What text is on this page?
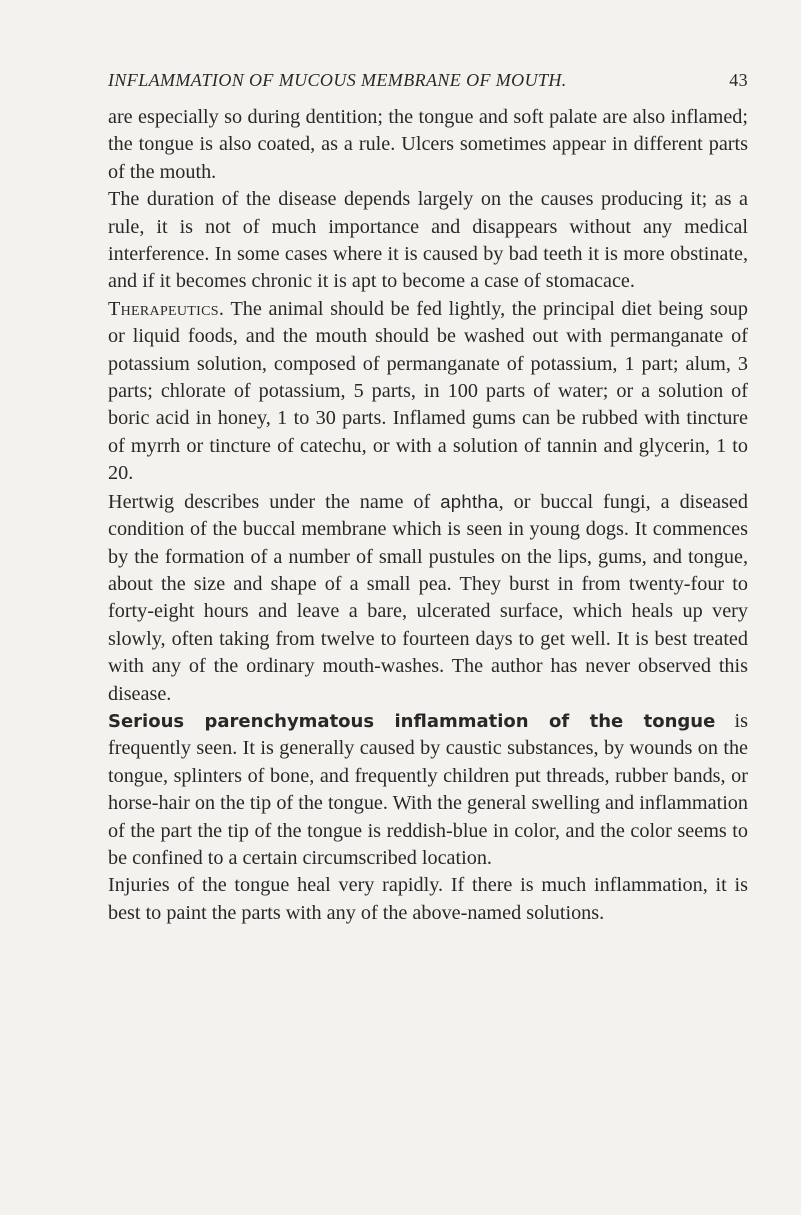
INFLAMMATION OF MUCOUS MEMBRANE OF MOUTH.	43

are especially so during dentition; the tongue and soft palate are also inflamed; the tongue is also coated, as a rule. Ulcers sometimes appear in different parts of the mouth.

The duration of the disease depends largely on the causes producing it; as a rule, it is not of much importance and disappears without any medical interference. In some cases where it is caused by bad teeth it is more obstinate, and if it becomes chronic it is apt to become a case of stomacace.

Therapeutics. The animal should be fed lightly, the principal diet being soup or liquid foods, and the mouth should be washed out with permanganate of potassium solution, composed of permanganate of potassium, 1 part; alum, 3 parts; chlorate of potassium, 5 parts, in 100 parts of water; or a solution of boric acid in honey, 1 to 30 parts. Inflamed gums can be rubbed with tincture of myrrh or tincture of catechu, or with a solution of tannin and glycerin, 1 to 20.

Hertwig describes under the name of aphtha, or buccal fungi, a diseased condition of the buccal membrane which is seen in young dogs. It commences by the formation of a number of small pustules on the lips, gums, and tongue, about the size and shape of a small pea. They burst in from twenty-four to forty-eight hours and leave a bare, ulcerated surface, which heals up very slowly, often taking from twelve to fourteen days to get well. It is best treated with any of the ordinary mouth-washes. The author has never observed this disease.

Serious parenchymatous inflammation of the tongue is frequently seen. It is generally caused by caustic substances, by wounds on the tongue, splinters of bone, and frequently children put threads, rubber bands, or horse-hair on the tip of the tongue. With the general swelling and inflammation of the part the tip of the tongue is reddish-blue in color, and the color seems to be confined to a certain circumscribed location.

Injuries of the tongue heal very rapidly. If there is much inflammation, it is best to paint the parts with any of the above-named solutions.
